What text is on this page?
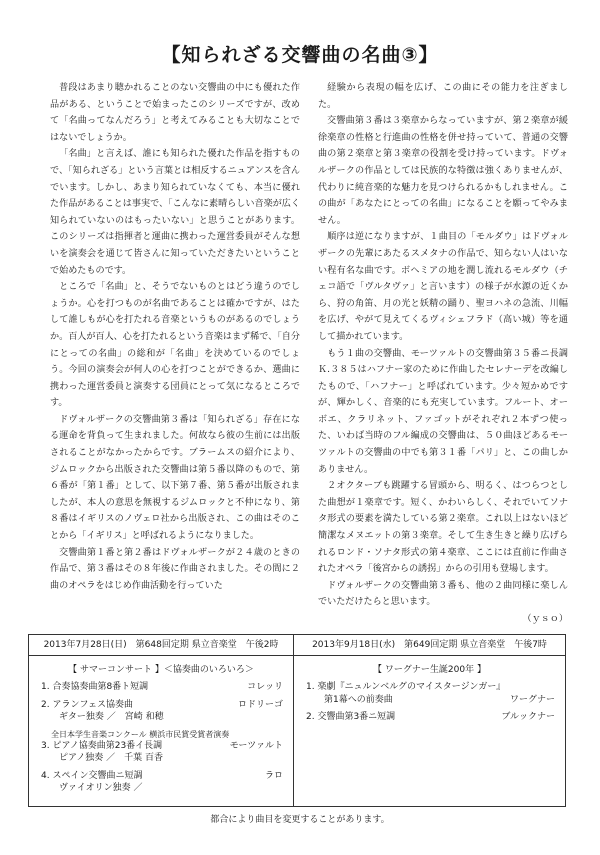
【知られざる交響曲の名曲③】

普段はあまり聴かれることのない交響曲の中にも優れた作品がある、ということで始まったこのシリーズですが、改めて「名曲ってなんだろう」と考えてみることも大切なことではないでしょうか。

「名曲」と言えば、誰にも知られた優れた作品を指すもので、「知られざる」という言葉とは相反するニュアンスを含んでいます。しかし、あまり知られていなくても、本当に優れた作品があることは事実で、「こんなに素晴らしい音楽が広く知られていないのはもったいない」と思うことがあります。このシリーズは指揮者と運曲に携わった運営委員がそんな想いを演奏会を通じて皆さんに知っていただきたいということで始めたものです。

ところで「名曲」と、そうでないものとはどう違うのでしょうか。心を打つものが名曲であることは確かですが、はたして誰しもが心を打たれる音楽というものがあるのでしょうか。百人が百人、心を打たれるという音楽はまず稀で、「自分にとっての名曲」の総和が「名曲」を決めているのでしょう。今回の演奏会が何人の心を打つことができるか、選曲に携わった運営委員と演奏する団員にとって気になるところです。

ドヴォルザークの交響曲第３番は「知られざる」存在になる運命を背負って生まれました。何故なら彼の生前には出版されることがなかったからです。ブラームスの紹介により、ジムロックから出版された交響曲は第５番以降のもので、第６番が「第１番」として、以下第７番、第５番が出版されましたが、本人の意思を無視するジムロックと不仲になり、第８番はイギリスのノヴェロ社から出版され、この曲はそのことから「イギリス」と呼ばれるようになりました。

交響曲第１番と第２番はドヴォルザークが２４歳のときの作品で、第３番はその８年後に作曲されました。その間に２曲のオペラをはじめ作曲活動を行っていた

経験から表現の幅を広げ、この曲にその能力を注ぎました。

交響曲第３番は３楽章からなっていますが、第２楽章が緩徐楽章の性格と行進曲の性格を併せ持っていて、普通の交響曲の第２楽章と第３楽章の役割を受け持っています。ドヴォルザークの作品としては民族的な特徴は強くありませんが、代わりに純音楽的な魅力を見つけられるかもしれません。この曲が「あなたにとっての名曲」になることを願ってやみません。

順序は逆になりますが、１曲目の「モルダウ」はドヴォルザークの先輩にあたるスメタナの作品で、知らない人はいない程有名な曲です。ボヘミアの地を潤し流れるモルダウ（チェコ語で「ヴルタヴァ」と言います）の様子が水源の近くから、狩の角笛、月の光と妖精の踊り、聖ヨハネの急流、川幅を広げ、やがて見えてくるヴィシェフラド（高い城）等を通して描かれています。

もう１曲の交響曲、モーツァルトの交響曲第３５番ニ長調Ｋ.３８５はハフナー家のために作曲したセレナーデを改編したもので、「ハフナー」と呼ばれています。少々短かめですが、輝かしく、音楽的にも充実しています。フルート、オーボエ、クラリネット、ファゴットがそれぞれ２本ずつ使った、いわば当時のフル編成の交響曲は、５０曲ほどあるモーツァルトの交響曲の中でも第３１番「パリ」と、この曲しかありません。

２オクターブも跳躍する冒頭から、明るく、はつらつとした曲想が１楽章です。短く、かわいらしく、それでいてソナタ形式の要素を満たしている第２楽章。これ以上はないほど簡潔なメヌエットの第３楽章。そして生き生きと繰り広げられるロンド・ソナタ形式の第４楽章、ここには直前に作曲されたオペラ「後宮からの誘拐」からの引用も登場します。

ドヴォルザークの交響曲第３番も、他の２曲同様に楽しんでいただけたらと思います。

（ｙｓｏ）
2013年7月28日(日)　第648回定期 県立音楽堂　午後2時
【 サマーコンサート 】＜協奏曲のいろいろ＞
1. 合奏協奏曲第8番ト短調	コレッリ
2. アランフェス協奏曲	ロドリーゴ
ギター独奏 ／　宮崎 和穂
全日本学生音楽コンクール 横浜市民賞受賞者演奏
3. ピアノ協奏曲第23番イ長調	モーツァルト
ピアノ独奏 ／　千葉 百香
4. スペイン交響曲ニ短調	ラロ
ヴァイオリン独奏 ／
2013年9月18日(水)　第649回定期 県立音楽堂　午後7時
【 ワーグナー生誕200年 】
1. 楽劇『ニュルンベルグのマイスタージンガー』
第1幕への前奏曲	ワーグナー
2. 交響曲第3番ニ短調	ブルックナー
都合により曲目を変更することがあります。
